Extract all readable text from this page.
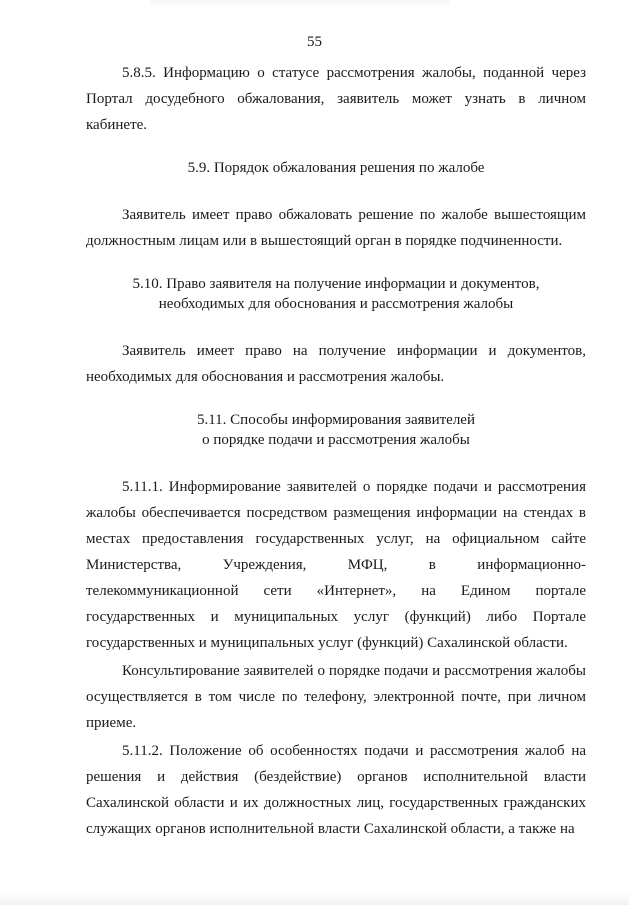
55

5.8.5. Информацию о статусе рассмотрения жалобы, поданной через Портал досудебного обжалования, заявитель может узнать в личном кабинете.

5.9. Порядок обжалования решения по жалобе

Заявитель имеет право обжаловать решение по жалобе вышестоящим должностным лицам или в вышестоящий орган в порядке подчиненности.

5.10. Право заявителя на получение информации и документов,

необходимых для обоснования и рассмотрения жалобы

Заявитель имеет право на получение информации и документов, необходимых для обоснования и рассмотрения жалобы.

5.11. Способы информирования заявителей

о порядке подачи и рассмотрения жалобы

5.11.1. Информирование заявителей о порядке подачи и рассмотрения жалобы обеспечивается посредством размещения информации на стендах в местах предоставления государственных услуг, на официальном сайте Министерства, Учреждения, МФЦ, в информационно-телекоммуникационной сети «Интернет», на Едином портале государственных и муниципальных услуг (функций) либо Портале государственных и муниципальных услуг (функций) Сахалинской области.

Консультирование заявителей о порядке подачи и рассмотрения жалобы осуществляется в том числе по телефону, электронной почте, при личном приеме.

5.11.2. Положение об особенностях подачи и рассмотрения жалоб на решения и действия (бездействие) органов исполнительной власти Сахалинской области и их должностных лиц, государственных гражданских служащих органов исполнительной власти Сахалинской области, а также на
